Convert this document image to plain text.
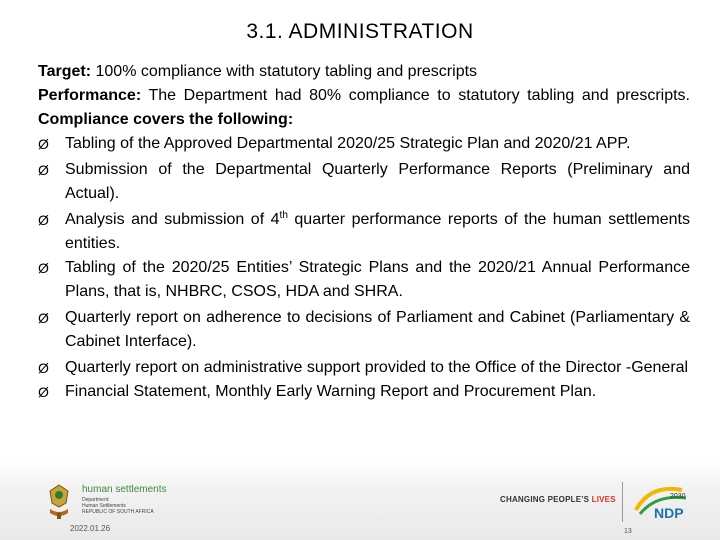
3.1. ADMINISTRATION
Target: 100% compliance with statutory tabling and prescripts
Performance: The Department had 80% compliance to statutory tabling and prescripts. Compliance covers the following:
Ø Tabling of the Approved Departmental 2020/25 Strategic Plan and 2020/21 APP.
Ø Submission of the Departmental Quarterly Performance Reports (Preliminary and Actual).
Ø Analysis and submission of 4th quarter performance reports of the human settlements entities.
Ø Tabling of the 2020/25 Entities’ Strategic Plans and the 2020/21 Annual Performance Plans, that is, NHBRC, CSOS, HDA and SHRA.
Ø Quarterly report on adherence to decisions of Parliament and Cabinet (Parliamentary & Cabinet Interface).
Ø Quarterly report on administrative support provided to the Office of the Director -General
Ø Financial Statement, Monthly Early Warning Report and Procurement Plan.
human settlements
Department:
Human Settlements
REPUBLIC OF SOUTH AFRICA
2022.01.26
CHANGING PEOPLE’S LIVES	2030
NDP
13
